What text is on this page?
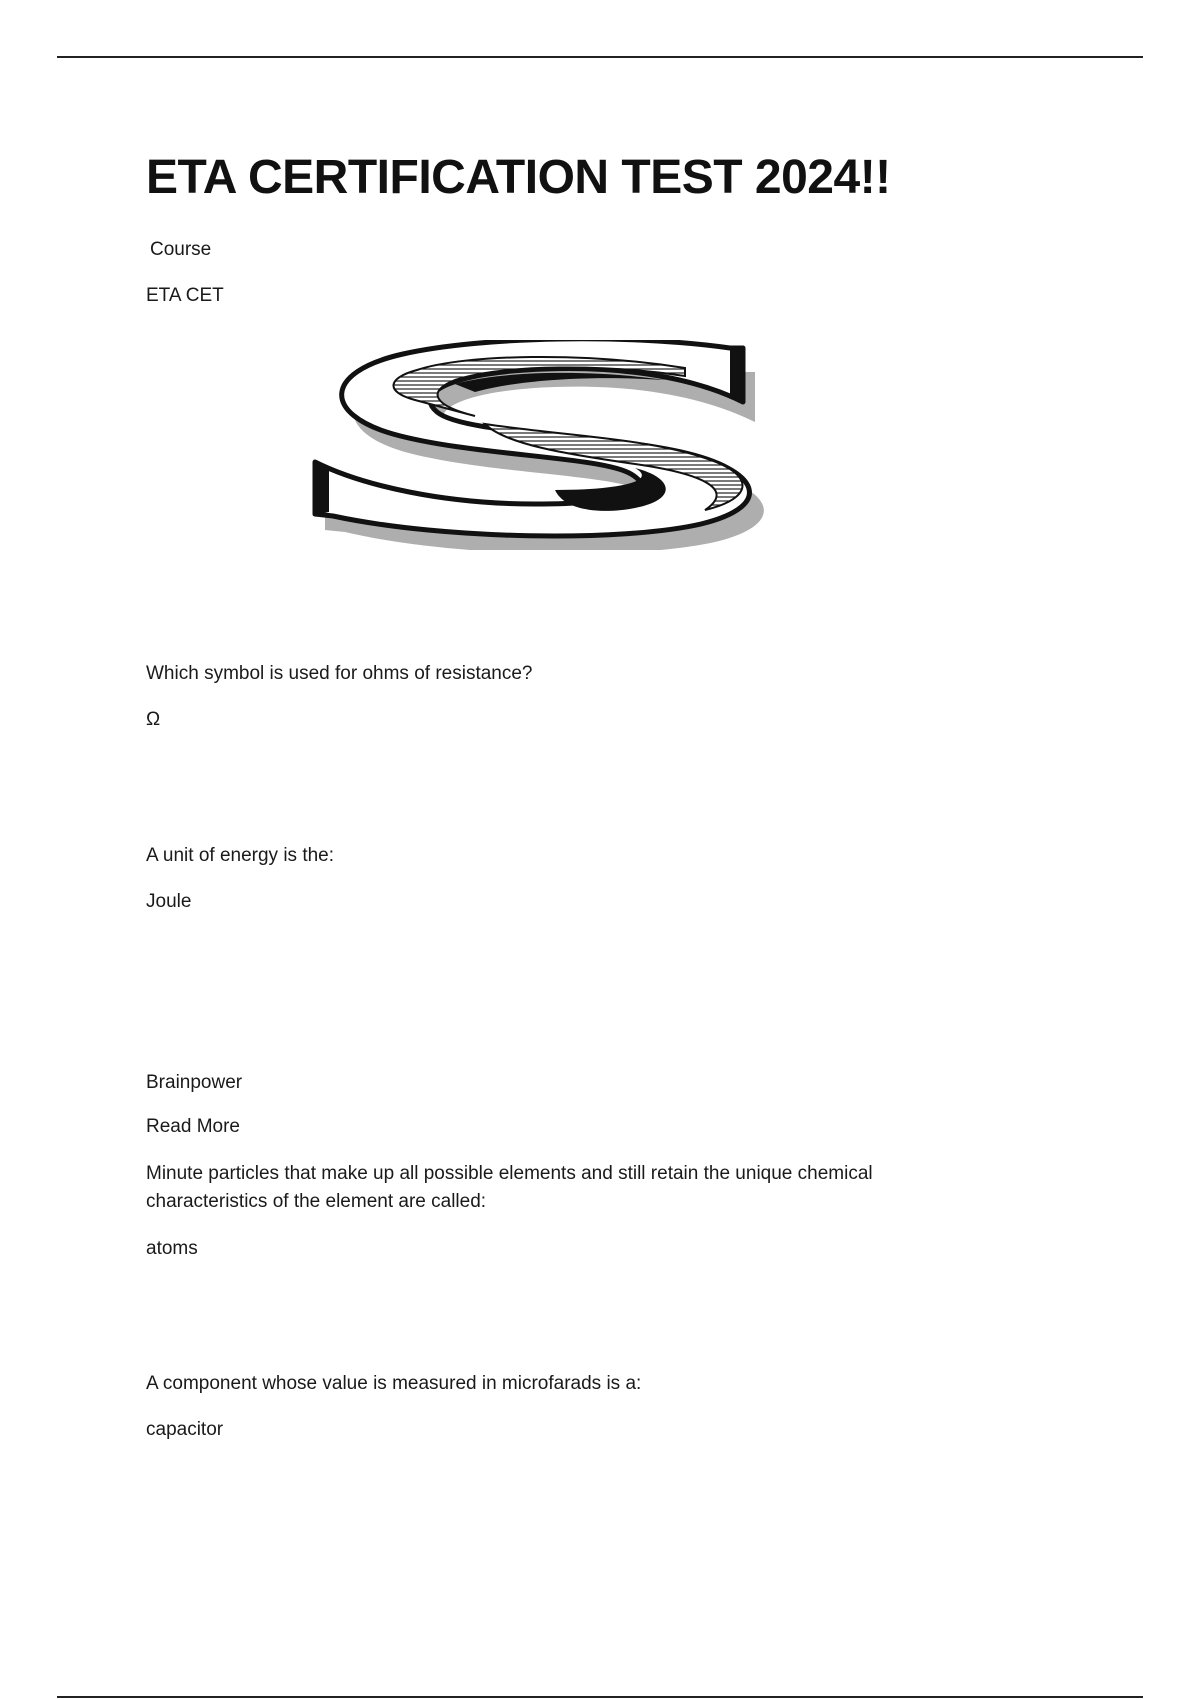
ETA CERTIFICATION TEST 2024!!
Course
ETA CET
Which symbol is used for ohms of resistance?
Ω
A unit of energy is the:
Joule
Brainpower
Read More
Minute particles that make up all possible elements and still retain the unique chemical characteristics of the element are called:
atoms
A component whose value is measured in microfarads is a:
capacitor
